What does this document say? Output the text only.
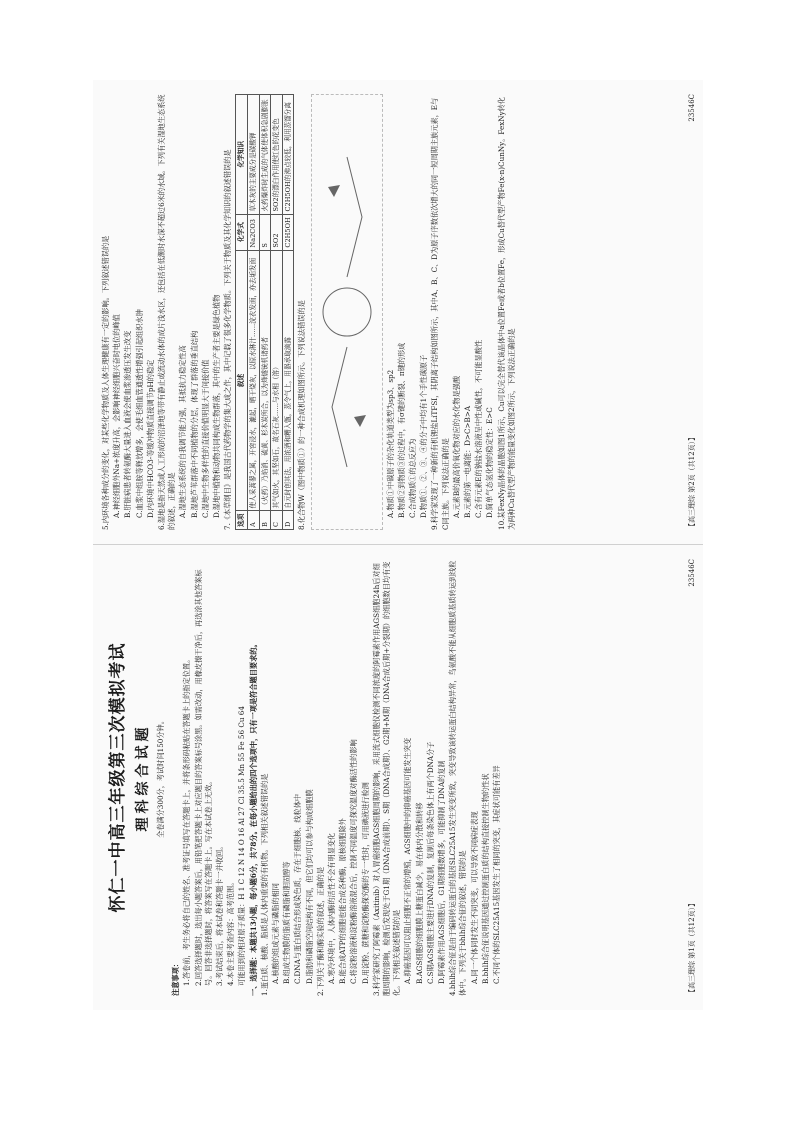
怀仁一中高三年级第三次模拟考试 理科综合试题 全卷满分300分，考试时间150分钟。

注意事项： 1.答卷前，考生务必将自己的姓名、准考证号填写在答题卡上，并将条形码粘贴在答题卡上的指定位置。 2.回答选择题时，选出每小题答案后，用铅笔把答题卡上对应题目的答案标号涂黑。如需改动，用橡皮擦干净后，再选涂其他答案标号。回答非选择题时，将答案写在答题卡上。写在本试卷上无效。 3.考试结束后，将本试卷和答题卡一并收回。 4.本卷主要考查内容：高考范围。 可能用到的相对原子质量：H 1 C 12 N 14 O 16 Al 27 Cl 35.5 Mn 55 Fe 56 Cu 64 一、选择题：本题共13小题，每小题6分，共78分。在每小题给出的四个选项中，只有一项是符合题目要求的。 1.蛋白质、核酸、脂质是人体内重要的有机物。下列相关叙述错误的是 A.核酸的组成元素与磷脂的相同 B.组成生物膜的脂质有磷脂和胆固醇等 C.DNA与蛋白质结合形成染色质，存在于细胞核、线粒体中 D.脂肪和磷脂空间结构有不同，但它们均可以参与构成细胞膜 2.下列关于酶和酶实验的叙述，正确的是 A.寒冷环境中，人体内酶的活性不会有明显变化 B.能合成ATP的细胞也能合成各种酶，原核细胞除外 C.将淀粉溶液和淀粉酶溶液混合后，控制不同温度可探究温度对酶活性的影响 D.用淀粉、蔗糖和淀粉酶探究酶的专一性时，可用碘液进行检测 3.科学家研究了阿霉素（Axitinib）对人胃癌细胞AGS细胞周期的影响，采用流式细胞仪检测不同浓度的阿霉素作用AGS细胞24h后对细胞周期的影响，检测后发现处于G1期（DNA合成前期）、S期（DNA合成期）、G2期+M期（DNA合成后期+分裂期）的细胞数目均有变化。下列相关叙述错误的是 A.抑癌基因可以阻止细胞不正常的增殖，AGS细胞中的抑癌基因可能发生突变 B.AGS细胞的细胞膜上糖蛋白减少，易在体内分散和转移 C.S期AGS细胞主要进行DNA的复制，复制后每条染色体上有两个DNA分子 D.阿霉素作用AGS细胞后，G1期细胞数增多，可能抑制了DNA的复制 4.bhlh综合征是由于编码转运蛋白的基因SLC25A15发生突变所致，突变导致该转运蛋白结构异常，鸟氨酸不能从细胞质基质转运到线粒体中。下列关于bhlh综合征的叙述，错误的是 A.同一个体同时发生不同突变，可以导致不同病症表现 B.bhlh综合征说明基因通过控制蛋白质的结构直接控制生物的性状 C.不同个体的SLC25A15基因发生了相同的突变，其症状可能有差异	【高三理综 第1页（共12页）】
23546C

5.内环境各种成分的变化，对某些化学物质及人体生理健康有一定的影响。下列叙述错误的是 A.神经细胞外Na+浓度升高，会影响神经细胞兴奋时电位的峰值 B.肝脏病患者转氨酶大量进入血液会使血浆渗透压发生改变 C.血浆中组胺等释放增多，会使毛细血管通透性增强引起组织水肿 D.内环境中HCO3-等缓冲物质直接调节pH的稳定 6.湿地是指天然或人工形成的沼泽地等带有静止或流动水体的成片浅水区，还包括在低潮时水深不超过6米的水域。下列有关湿地生态系统的叙述，正确的是 A.湿地生态系统的自我调节能力强，其抵抗力稳定性高 B.湿地芦苇群落中不同植物的分层，体现了群落的垂直结构 C.湿地中生物多样性的直接价值明显大于间接价值 D.湿地中植物和动物共同构成生物群落，其中的生产者主要是绿色植物 7.《本草纲目》是我国古代药物学的集大成之作，其中记载了很多化学物质。下列关于物质及其化学知识的叙述错误的是 选项	叙述	化学式	化学知识
A	使人采蒿蓼之属，开窖浸水，漉起，晒干烧灰，以原水淋汁……浣衣发面，亦去垢发面	Na2CO3	草木灰的主要成分是碳酸钾
B	（火药）乃焰消、硫黄、杉木炭所合，以为烽燧铳机诸药者	S	火药爆炸时生成的气体使体积急剧膨胀
C	其气如火，其坚如石，故名石灰……与水相（溶）	SO2	SO2的漂白作用使红色的花变色
D	自元时创其法，用浓酒和糟入甑，蒸令气上，用器承取滴露	C2H5OH	C2H5OH的沸点较低，利用蒸馏分离

8.化合物W（图中物质①）的一种合成机理如图所示。下列说法错误的是	A.物质①中碳原子的杂化轨道类型为sp3、sp2 B.物质②到物质③的过程中，有σ键的断裂、π键的形成 C.合成物质①的总反应为 D.物质①、②、③、④的分子中均有1个手性碳原子 9.科学家发现了一种新的有机锂盐LiTFSI，其阴离子结构如图所示，其中A、B、C、D为原子序数依次增大的同一短周期主族元素，E与C同主族。下列说法正确的是 A.元素B的最高价氧化物对应的水化物是强酸 B.元素的第一电离能：D>C>B>A C.含有元素E的钠盐水溶液呈中性或碱性，不可能显酸性 D.简单气态氢化物的稳定性：E>C 10.某FexNy晶体的晶胞如图1所示，Cu可以完全替代该晶体中a位置Fe或者b位置Fe，形成Cu替代型产物Fe(x-n)CunNy。FexNy转化为两种Cu替代型产物的能量变化如图2所示，下列说法正确的是	【高三理综 第2页（共12页）】
23546C
